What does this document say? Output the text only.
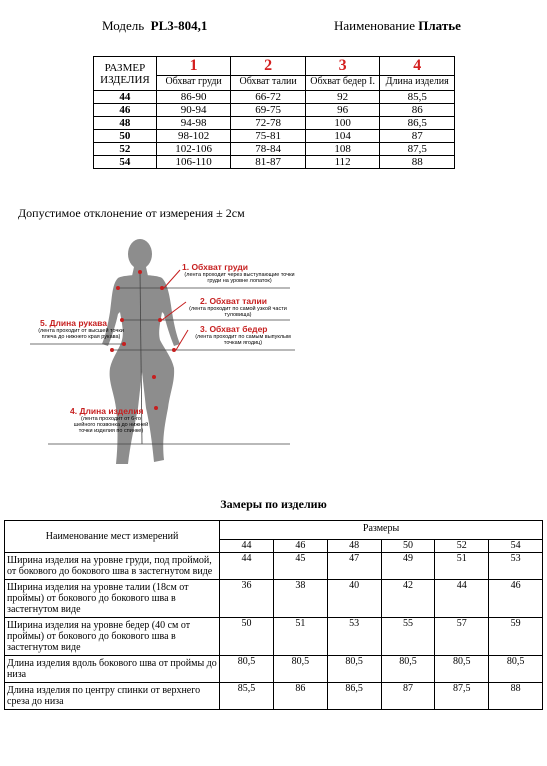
Модель PL3-804,1	Наименование Платье
РАЗМЕР ИЗДЕЛИЯ	1	2	3	4
	Обхват груди	Обхват талии	Обхват бедер I.	Длина изделия
44	86-90	66-72	92	85,5
46	90-94	69-75	96	86
48	94-98	72-78	100	86,5
50	98-102	75-81	104	87
52	102-106	78-84	108	87,5
54	106-110	81-87	112	88
Допустимое отклонение от измерения ± 2см
1. Обхват груди
(лента проходит через выступающие точки груди на уровне лопаток)
2. Обхват талии
(лента проходит по самой узкой части туловища)
3. Обхват бедер
(лента проходит по самым выпуклым точкам ягодиц)
4. Длина изделия
(лента проходит от 6-го шейного позвонка до нижней точки изделия по спинке)
5. Длина рукава
(лента проходит от высшей точки плеча до нижнего края рукава)
Замеры по изделию
Наименование мест измерений	Размеры					
	44	46	48	50	52	54
Ширина изделия на уровне груди, под проймой, от бокового до бокового шва в застегнутом виде	44	45	47	49	51	53
Ширина изделия на уровне талии (18см от проймы) от бокового до бокового шва в застегнутом виде	36	38	40	42	44	46
Ширина изделия на уровне бедер (40 см от проймы) от бокового до бокового шва в застегнутом виде	50	51	53	55	57	59
Длина изделия вдоль бокового шва от проймы до низа	80,5	80,5	80,5	80,5	80,5	80,5
Длина изделия по центру спинки от верхнего среза до низа	85,5	86	86,5	87	87,5	88
